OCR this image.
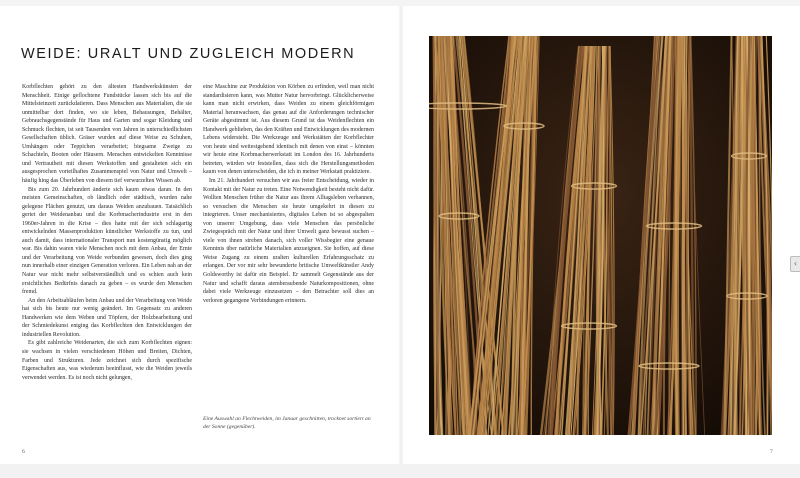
WEIDE: URALT UND ZUGLEICH MODERN

Korbflechten gehört zu den ältesten Handwerkskünsten der Menschheit. Einige geflochtene Fundstücke lassen sich bis auf die Mittelsteinzeit zurückdatieren. Dass Menschen aus Materialien, die sie unmittelbar dort finden, wo sie leben, Behausungen, Behälter, Gebrauchsgegenstände für Haus und Garten und sogar Kleidung und Schmuck flechten, ist seit Tausenden von Jahren in unterschiedlichsten Gesellschaften üblich. Gräser wurden auf diese Weise zu Schuhen, Umhängen oder Teppichen verarbeitet; biegsame Zweige zu Schachteln, Booten oder Häusern. Menschen entwickelten Kenntnisse und Vertrautheit mit diesen Werkstoffen und gestalteten sich ein ausgesprochen vorteilhaftes Zusammenspiel von Natur und Umwelt – häufig hing das Überleben von diesem tief verwurzelten Wissen ab.

Bis zum 20. Jahrhundert änderte sich kaum etwas daran. In den meisten Gemeinschaften, ob ländlich oder städtisch, wurden nahe gelegene Flächen genutzt, um daraus Weiden anzubauen. Tatsächlich geriet der Weidenanbau und die Korbmacherindustrie erst in den 1960er-Jahren in die Krise – dies hatte mit der sich schlagartig entwickelnden Massenproduktion künstlicher Werkstoffe zu tun, und auch damit, dass internationaler Transport nun kostengünstig möglich war. Bis dahin waren viele Menschen noch mit dem Anbau, der Ernte und der Verarbeitung von Weide verbunden gewesen, doch dies ging nun innerhalb einer einzigen Generation verloren. Ein Leben nah an der Natur war nicht mehr selbstverständlich und es schien auch kein ersichtliches Bedürfnis danach zu geben – es wurde den Menschen fremd.

An den Arbeitsabläufen beim Anbau und der Verarbeitung von Weide hat sich bis heute nur wenig geändert. Im Gegensatz zu anderen Handwerken wie dem Weben und Töpfern, der Holzbearbeitung und der Schmiedekunst entging das Korbflechten den Entwicklungen der industriellen Revolution.

Es gibt zahlreiche Weidenarten, die sich zum Korbflechten eignen: sie wachsen in vielen verschiedenen Höhen und Breiten, Dichten, Farben und Strukturen. Jede zeichnet sich durch spezifische Eigenschaften aus, was wiederum beeinflusst, wie die Weiden jeweils verwendet werden. Es ist noch nicht gelungen,

eine Maschine zur Produktion von Körben zu erfinden, weil man nicht standardisieren kann, was Mutter Natur hervorbringt. Glücklicherweise kann man nicht erwirken, dass Weiden zu einem gleichförmigen Material heranwachsen, das genau auf die Anforderungen technischer Geräte abgestimmt ist. Aus diesem Grund ist das Weidenflechten ein Handwerk geblieben, das den Kräften und Entwicklungen des modernen Lebens widersteht. Die Werkzeuge und Werkstätten der Korbflechter von heute sind weitestgehend identisch mit denen von einst – könnten wir heute eine Korbmacherwerkstatt im London des 16. Jahrhunderts betreten, würden wir feststellen, dass sich die Herstellungsmethoden kaum von denen unterscheiden, die ich in meiner Werkstatt praktiziere.

Im 21. Jahrhundert versuchen wir aus freier Entscheidung, wieder in Kontakt mit der Natur zu treten. Eine Notwendigkeit besteht nicht dafür. Wollten Menschen früher die Natur aus ihrem Alltagsleben verbannen, so versuchen die Menschen sie heute umgekehrt in diesen zu integrieren. Unser mechanisiertes, digitales Leben ist so abgespalten von unserer Umgebung, dass viele Menschen das persönliche Zwiegespräch mit der Natur und ihrer Umwelt ganz bewusst suchen – viele von ihnen streben danach, sich voller Wissbegier eine genaue Kenntnis über natürliche Materialien anzueignen. Sie hoffen, auf diese Weise Zugang zu einem uralten kulturellen Erfahrungsschatz zu erlangen. Der vor mir sehr bewunderte britische Umweltkünstler Andy Goldsworthy ist dafür ein Beispiel. Er sammelt Gegenstände aus der Natur und schafft daraus atemberaubende Naturkompositionen, ohne dabei viele Werkzeuge einzusetzen – den Betrachter soll dies an verloren gegangene Verbindungen erinnern.

Eine Auswahl an Flechtweiden, im Januar geschnitten, trocknet sortiert an der Sonne (gegenüber).
6	7
‹
